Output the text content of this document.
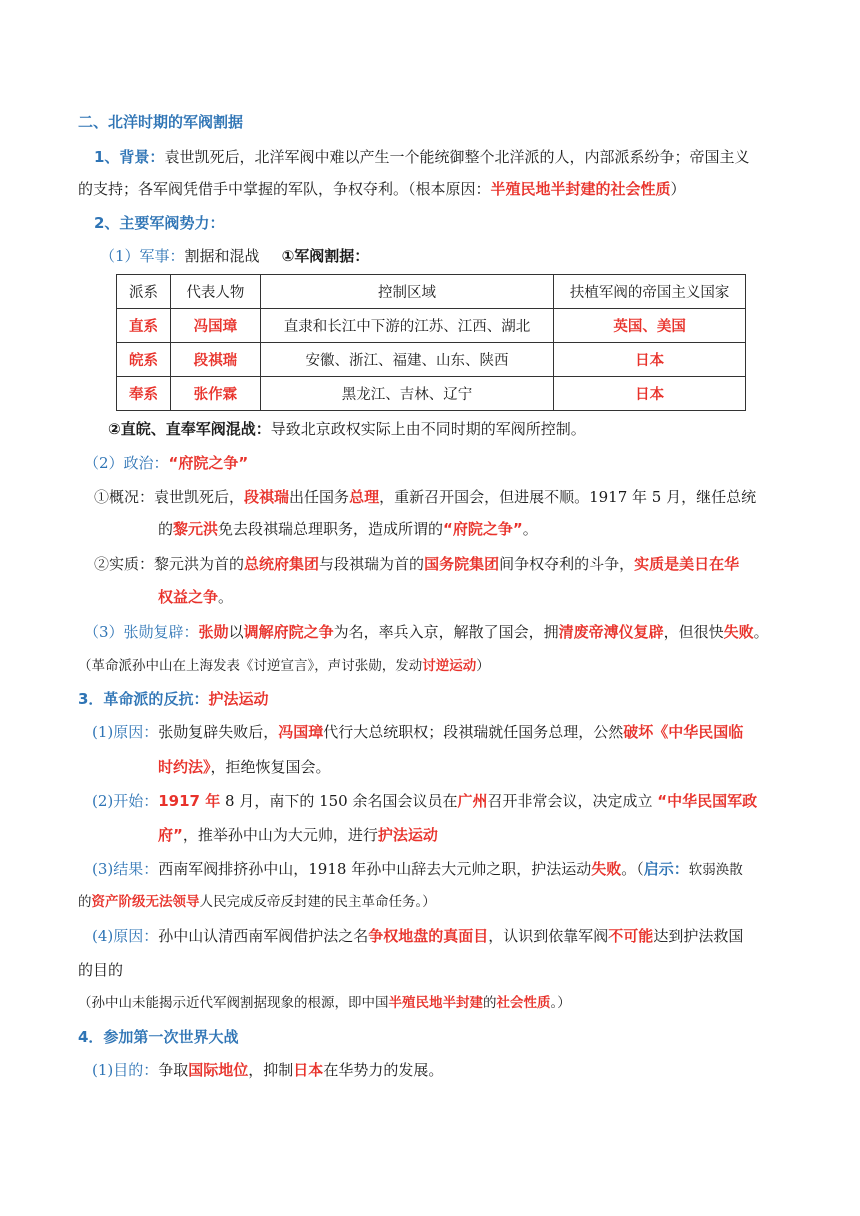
二、北洋时期的军阀割据
1、背景：袁世凯死后，北洋军阀中难以产生一个能统御整个北洋派的人，内部派系纷争；帝国主义
的支持；各军阀凭借手中掌握的军队，争权夺利。（根本原因：半殖民地半封建的社会性质）
2、主要军阀势力：
（1）军事：割据和混战 ①军阀割据：
派系	代表人物	控制区域	扶植军阀的帝国主义国家
直系	冯国璋	直隶和长江中下游的江苏、江西、湖北	英国、美国
皖系	段祺瑞	安徽、浙江、福建、山东、陕西	日本
奉系	张作霖	黑龙江、吉林、辽宁	日本
②直皖、直奉军阀混战：导致北京政权实际上由不同时期的军阀所控制。
（2）政治：“府院之争”
①概况：袁世凯死后，段祺瑞出任国务总理，重新召开国会，但进展不顺。1917 年 5 月，继任总统
的黎元洪免去段祺瑞总理职务，造成所谓的“府院之争”。
②实质：黎元洪为首的总统府集团与段祺瑞为首的国务院集团间争权夺利的斗争，实质是美日在华
权益之争。
（3）张勋复辟：张勋以调解府院之争为名，率兵入京，解散了国会，拥清废帝溥仪复辟，但很快失败。
（革命派孙中山在上海发表《讨逆宣言》，声讨张勋，发动讨逆运动）
3．革命派的反抗：护法运动
(1)原因：张勋复辟失败后，冯国璋代行大总统职权；段祺瑞就任国务总理，公然破坏《中华民国临
时约法》，拒绝恢复国会。
(2)开始：1917 年 8 月，南下的 150 余名国会议员在广州召开非常会议，决定成立 “中华民国军政
府”，推举孙中山为大元帅，进行护法运动
(3)结果：西南军阀排挤孙中山，1918 年孙中山辞去大元帅之职，护法运动失败。（启示：软弱涣散
的资产阶级无法领导人民完成反帝反封建的民主革命任务。）
(4)原因：孙中山认清西南军阀借护法之名争权地盘的真面目，认识到依靠军阀不可能达到护法救国
的目的
（孙中山未能揭示近代军阀割据现象的根源，即中国半殖民地半封建的社会性质。）
4．参加第一次世界大战
(1)目的：争取国际地位，抑制日本在华势力的发展。
